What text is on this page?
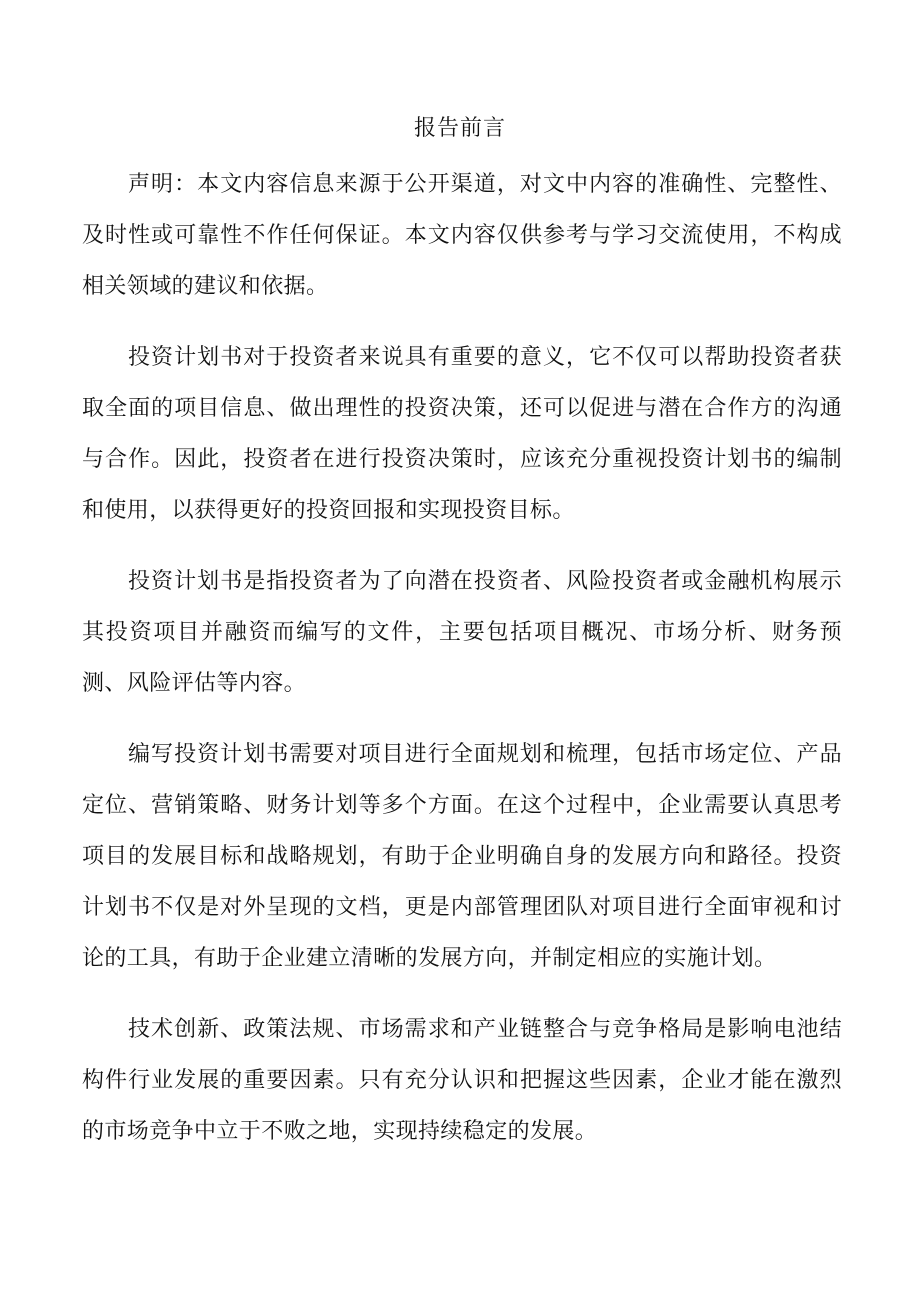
报告前言

声明：本文内容信息来源于公开渠道，对文中内容的准确性、完整性、及时性或可靠性不作任何保证。本文内容仅供参考与学习交流使用，不构成相关领域的建议和依据。

投资计划书对于投资者来说具有重要的意义，它不仅可以帮助投资者获取全面的项目信息、做出理性的投资决策，还可以促进与潜在合作方的沟通与合作。因此，投资者在进行投资决策时，应该充分重视投资计划书的编制和使用，以获得更好的投资回报和实现投资目标。

投资计划书是指投资者为了向潜在投资者、风险投资者或金融机构展示其投资项目并融资而编写的文件，主要包括项目概况、市场分析、财务预测、风险评估等内容。

编写投资计划书需要对项目进行全面规划和梳理，包括市场定位、产品定位、营销策略、财务计划等多个方面。在这个过程中，企业需要认真思考项目的发展目标和战略规划，有助于企业明确自身的发展方向和路径。投资计划书不仅是对外呈现的文档，更是内部管理团队对项目进行全面审视和讨论的工具，有助于企业建立清晰的发展方向，并制定相应的实施计划。

技术创新、政策法规、市场需求和产业链整合与竞争格局是影响电池结构件行业发展的重要因素。只有充分认识和把握这些因素，企业才能在激烈的市场竞争中立于不败之地，实现持续稳定的发展。
